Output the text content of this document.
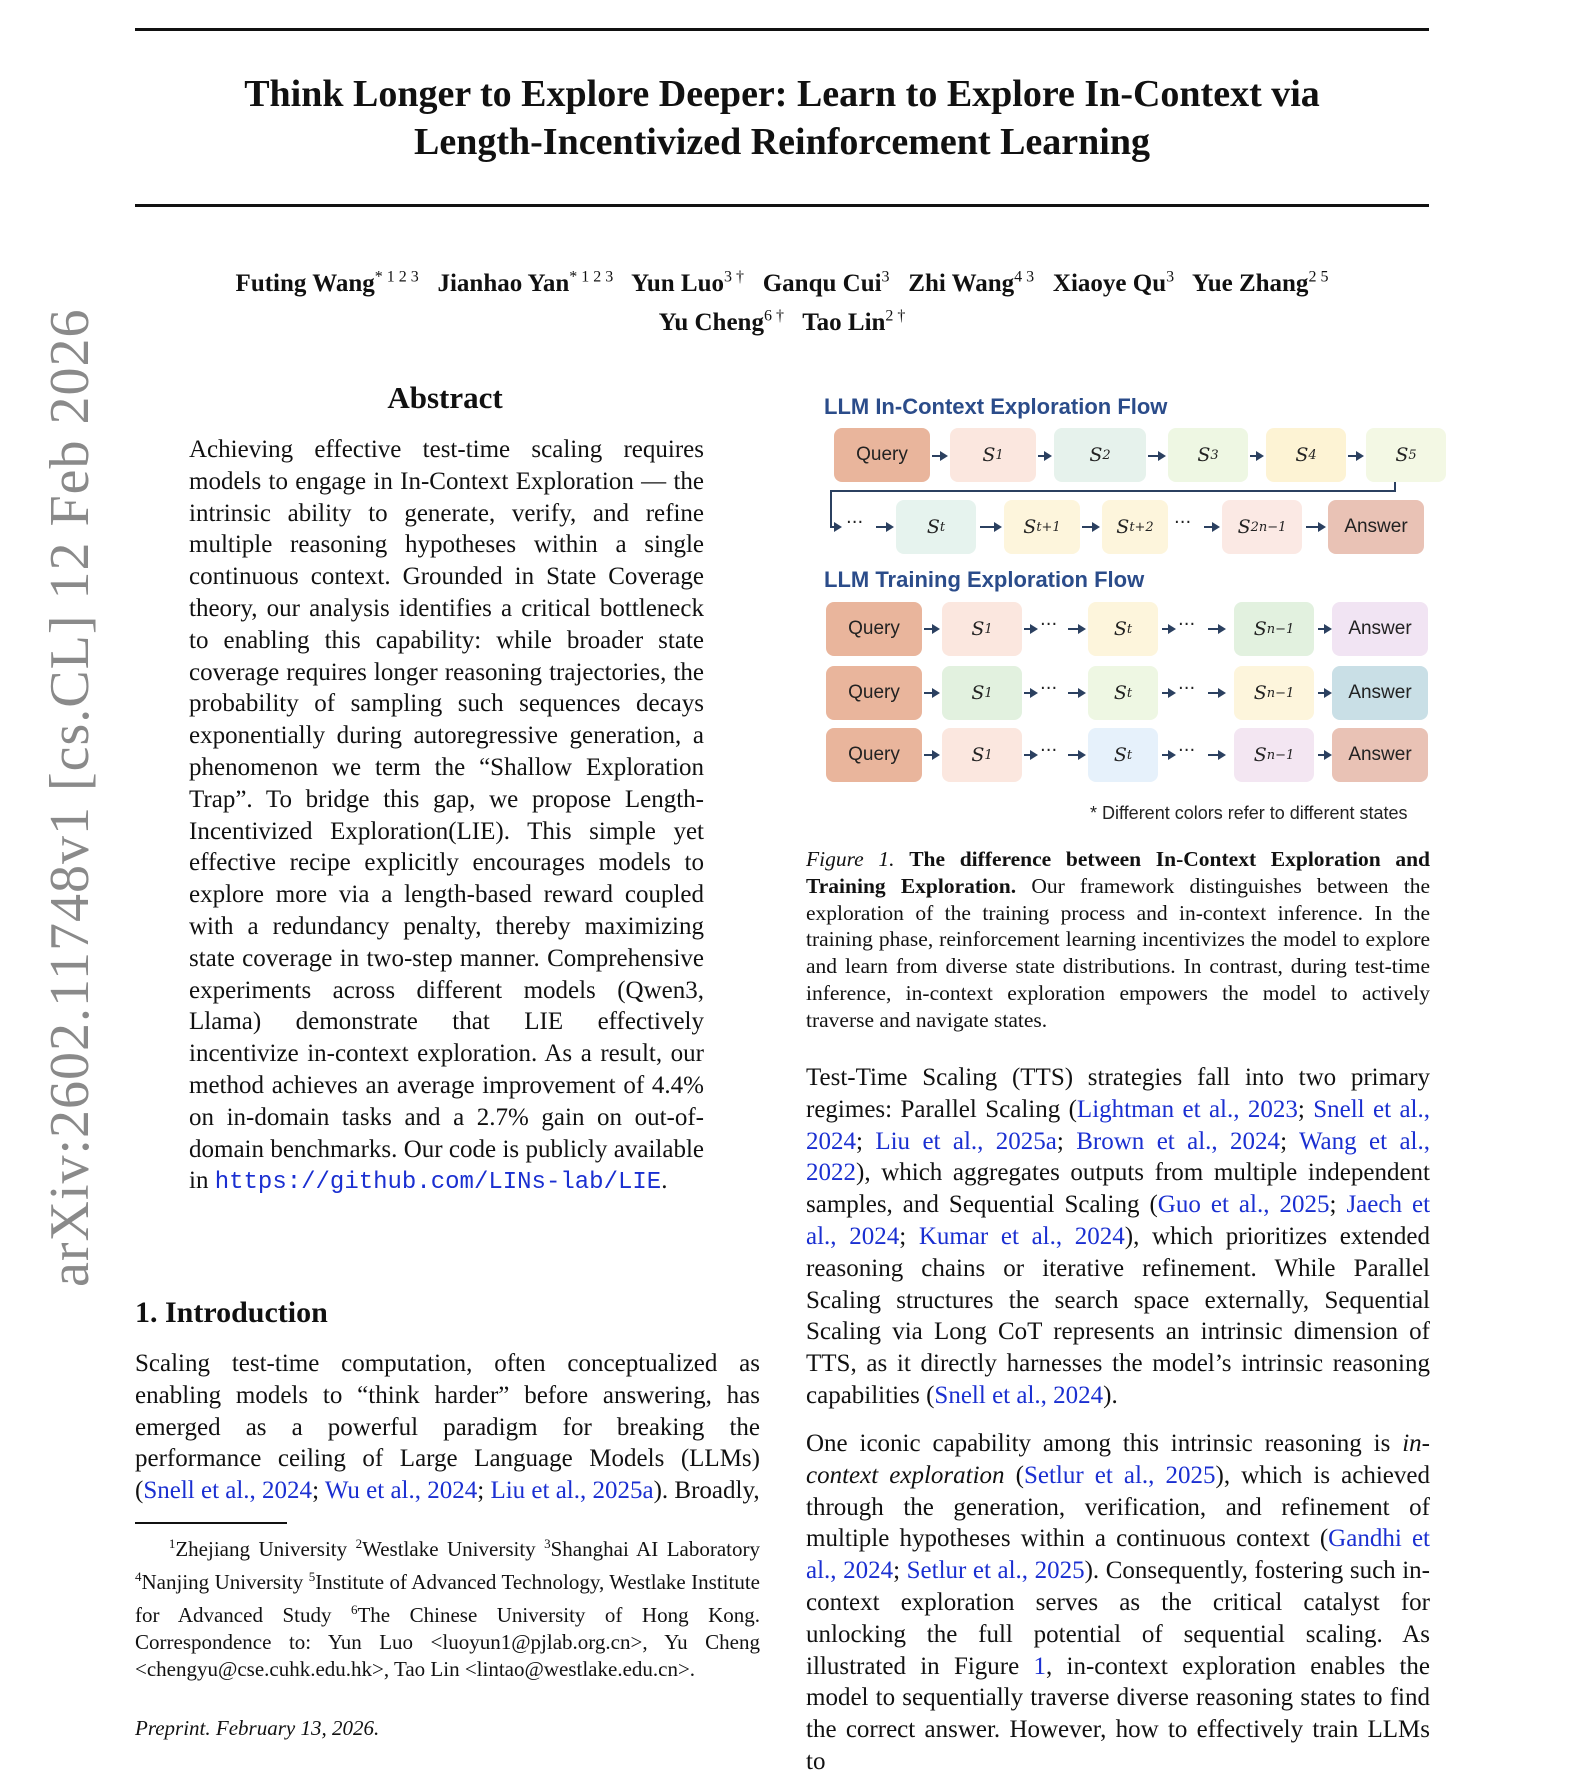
Think Longer to Explore Deeper: Learn to Explore In-Context via
Length-Incentivized Reinforcement Learning
Futing Wang$^{* 1 2 3}$ Jianhao Yan$^{* 1 2 3}$ Yun Luo$^{3 \dagger}$ Ganqu Cui$^3$ Zhi Wang$^{4 3}$ Xiaoye Qu$^3$ Yue Zhang$^{2 5}$
Yu Cheng$^{6 \dagger}$ Tao Lin$^{2 \dagger}$
arXiv:2602.11748v1 [cs.CL] 12 Feb 2026	Abstract
Achieving effective test-time scaling requires models to engage in In-Context Exploration — the intrinsic ability to generate, verify, and refine multiple reasoning hypotheses within a single continuous context. Grounded in State Coverage theory, our analysis identifies a critical bottleneck to enabling this capability: while broader state coverage requires longer reasoning trajectories, the probability of sampling such sequences decays exponentially during autoregressive generation, a phenomenon we term the “Shallow Exploration Trap”. To bridge this gap, we propose Length-Incentivized Exploration(LIE). This simple yet effective recipe explicitly encourages models to explore more via a length-based reward coupled with a redundancy penalty, thereby maximizing state coverage in two-step manner. Comprehensive experiments across different models (Qwen3, Llama) demonstrate that LIE effectively incentivize in-context exploration. As a result, our method achieves an average improvement of 4.4% on in-domain tasks and a 2.7% gain on out-of-domain benchmarks. Our code is publicly available in https://github.com/LINs-lab/LIE.
1. Introduction
Scaling test-time computation, often conceptualized as enabling models to “think harder” before answering, has emerged as a powerful paradigm for breaking the performance ceiling of Large Language Models (LLMs) (Snell et al., 2024; Wu et al., 2024; Liu et al., 2025a). Broadly,
$^1$Zhejiang University $^2$Westlake University $^3$Shanghai AI Laboratory $^4$Nanjing University $^5$Institute of Advanced Technology, Westlake Institute for Advanced Study $^6$The Chinese University of Hong Kong. Correspondence to: Yun Luo <luoyun1@pjlab.org.cn>, Yu Cheng <chengyu@cse.cuhk.edu.hk>, Tao Lin <lintao@westlake.edu.cn>.
Preprint. February 13, 2026.
LLM In-Context Exploration Flow
Query	S 1	S 2	S 3	S 4	S 5
···	S t	S t+1	S t+2 ···	S 2n−1	Answer
LLM Training Exploration Flow
Query	S 1	···	S t	···	S n−1	Answer
Query	S 1	···	S t	···	S n−1	Answer
Query	S 1	···	S t	···	S n−1	Answer
* Different colors refer to different states
Figure 1. The difference between In-Context Exploration and Training Exploration. Our framework distinguishes between the exploration of the training process and in-context inference. In the training phase, reinforcement learning incentivizes the model to explore and learn from diverse state distributions. In contrast, during test-time inference, in-context exploration empowers the model to actively traverse and navigate states.
Test-Time Scaling (TTS) strategies fall into two primary regimes: Parallel Scaling (Lightman et al., 2023; Snell et al., 2024; Liu et al., 2025a; Brown et al., 2024; Wang et al., 2022), which aggregates outputs from multiple independent samples, and Sequential Scaling (Guo et al., 2025; Jaech et al., 2024; Kumar et al., 2024), which prioritizes extended reasoning chains or iterative refinement. While Parallel Scaling structures the search space externally, Sequential Scaling via Long CoT represents an intrinsic dimension of TTS, as it directly harnesses the model’s intrinsic reasoning capabilities (Snell et al., 2024).
One iconic capability among this intrinsic reasoning is in-context exploration (Setlur et al., 2025), which is achieved through the generation, verification, and refinement of multiple hypotheses within a continuous context (Gandhi et al., 2024; Setlur et al., 2025). Consequently, fostering such in-context exploration serves as the critical catalyst for unlocking the full potential of sequential scaling. As illustrated in Figure 1, in-context exploration enables the model to sequentially traverse diverse reasoning states to find the correct answer. However, how to effectively train LLMs to
